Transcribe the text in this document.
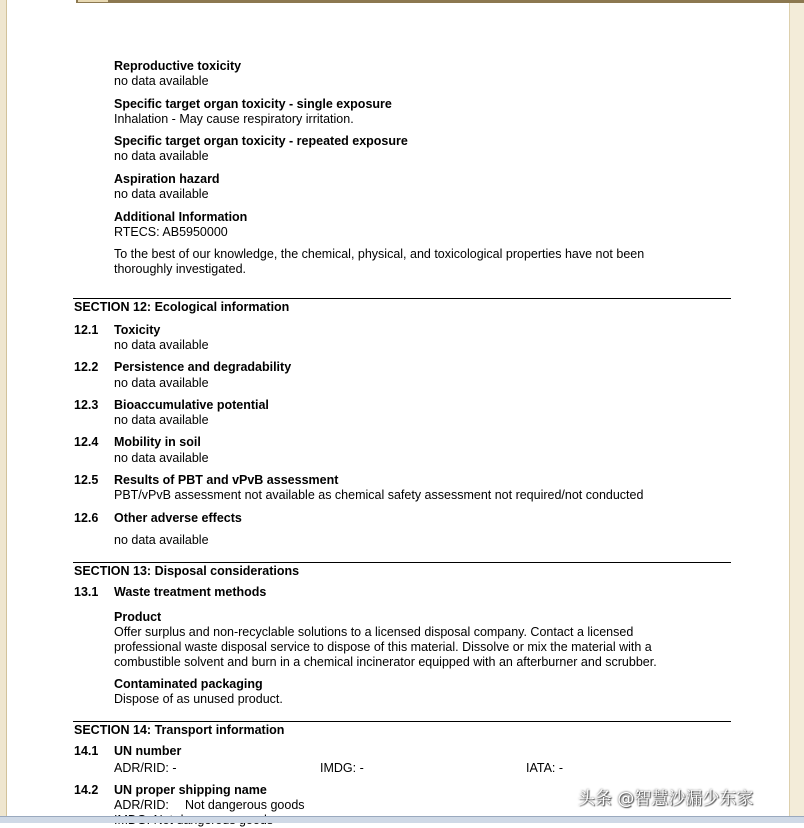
Reproductive toxicity
no data available
Specific target organ toxicity - single exposure
Inhalation - May cause respiratory irritation.
Specific target organ toxicity - repeated exposure
no data available
Aspiration hazard
no data available
Additional Information
RTECS: AB5950000
To the best of our knowledge, the chemical, physical, and toxicological properties have not been
thoroughly investigated.
SECTION 12: Ecological information
12.1 Toxicity
no data available
12.2 Persistence and degradability
no data available
12.3 Bioaccumulative potential
no data available
12.4 Mobility in soil
no data available
12.5 Results of PBT and vPvB assessment
PBT/vPvB assessment not available as chemical safety assessment not required/not conducted
12.6 Other adverse effects
no data available
SECTION 13: Disposal considerations
13.1 Waste treatment methods
Product
Offer surplus and non-recyclable solutions to a licensed disposal company. Contact a licensed
professional waste disposal service to dispose of this material. Dissolve or mix the material with a
combustible solvent and burn in a chemical incinerator equipped with an afterburner and scrubber.
Contaminated packaging
Dispose of as unused product.
SECTION 14: Transport information
14.1 UN number
ADR/RID: -	IMDG: -	IATA: -
14.2 UN proper shipping name
ADR/RID: Not dangerous goods	头条 @智慧沙漏少东家
